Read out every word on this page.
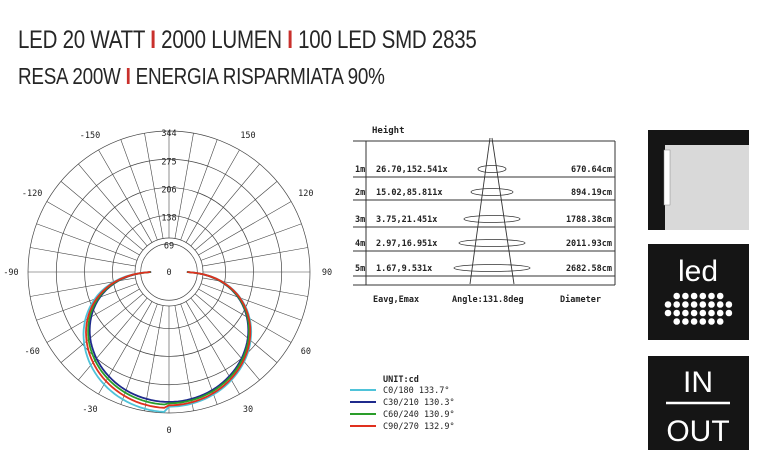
LED 20 WATT I 2000 LUMEN I 100 LED SMD 2835
RESA 200W I ENERGIA RISPARMIATA 90%
69
138
206
275
344
0
-150	150
-120	120
-90	90
-60	60
-30	30
0
UNIT:cd
C0/180 133.7°
C30/210 130.3°
C60/240 130.9°
C90/270 132.9°
Height
1m 26.70,152.541x	670.64cm
2m 15.02,85.811x	894.19cm
3m 3.75,21.451x	1788.38cm
4m 2.97,16.951x	2011.93cm
5m 1.67,9.531x	2682.58cm
Eavg,Emax	Angle:131.8deg	Diameter
led
IN
OUT
